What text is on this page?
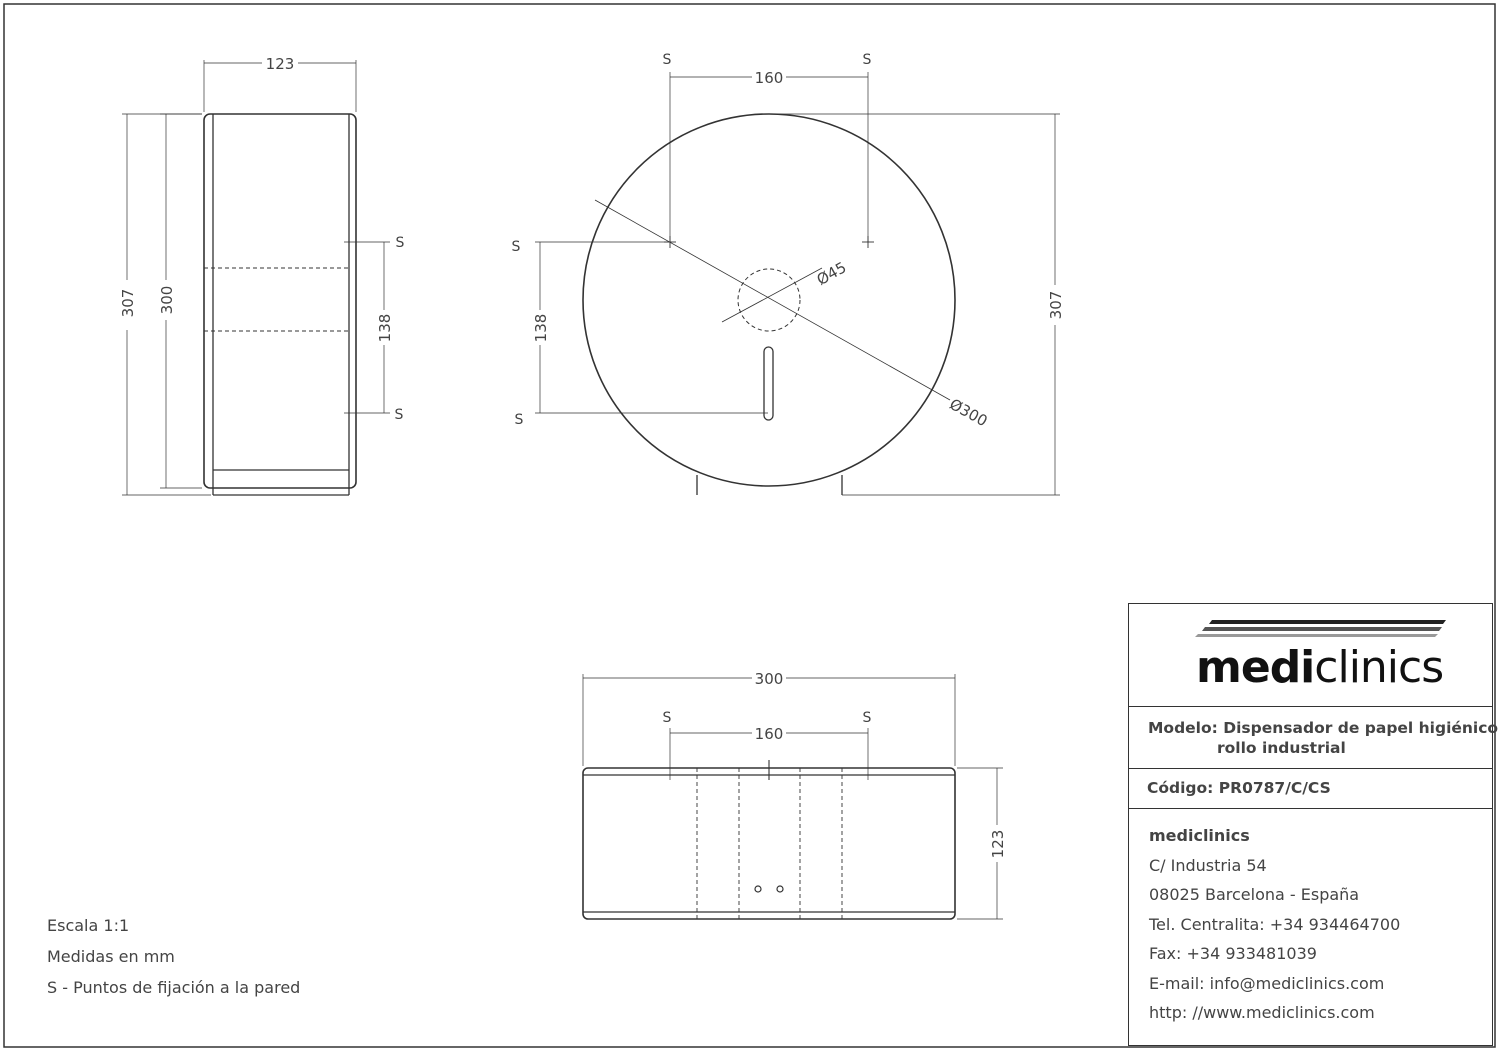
123
307 300
138
S
S
160
S	S
S
S
138
307
Ø45
Ø300
300
160
S	S
123
Escala 1:1
Medidas en mm
S - Puntos de fijación a la pared
mediclinics
Modelo: Dispensador de papel higiénico
rollo industrial
Código: PR0787/C/CS
mediclinics
C/ Industria 54
08025 Barcelona - España
Tel. Centralita: +34 934464700
Fax: +34 933481039
E-mail: info@mediclinics.com
http: //www.mediclinics.com
